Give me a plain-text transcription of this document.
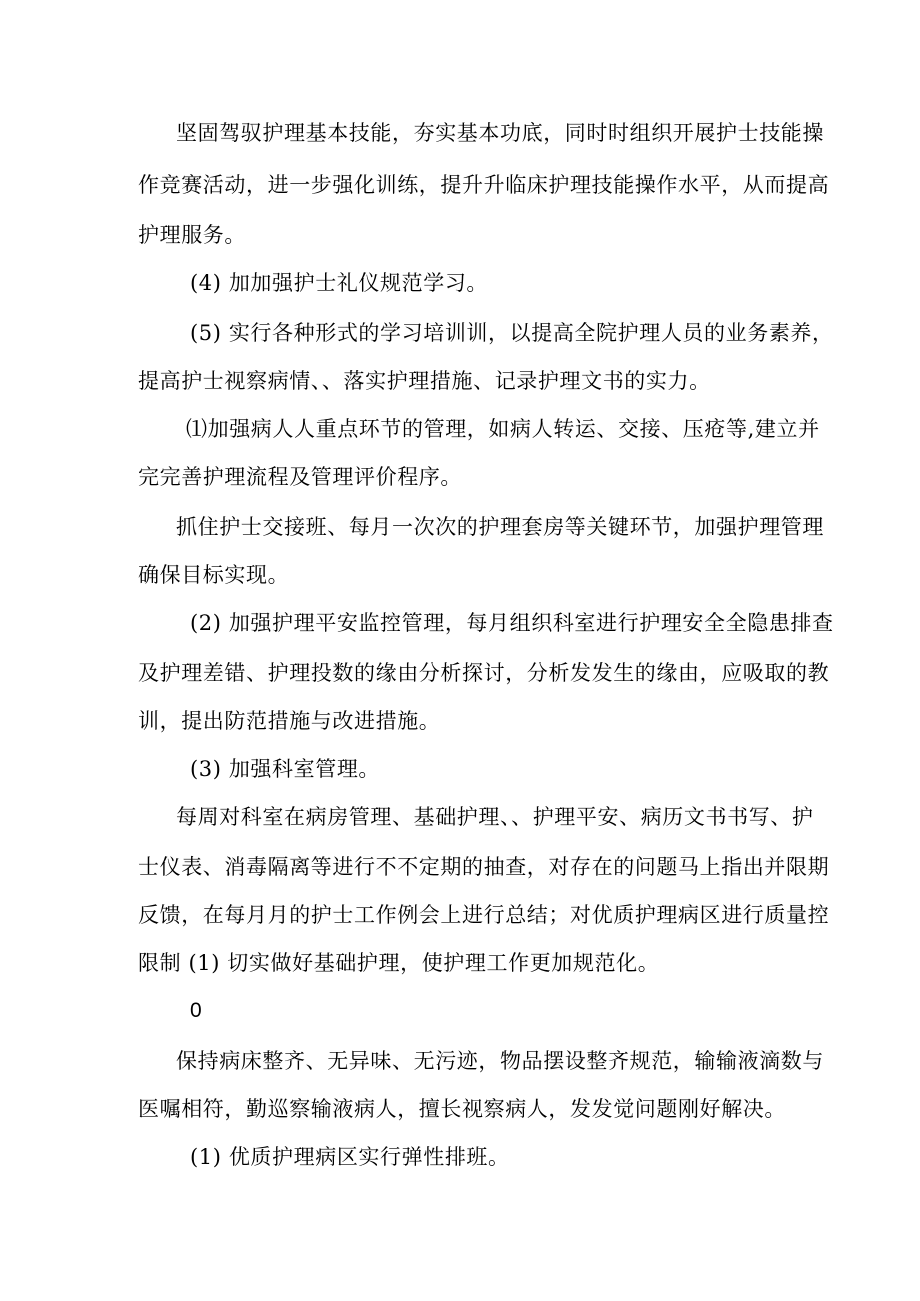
坚固驾驭护理基本技能，夯实基本功底，同时时组织开展护士技能操
作竞赛活动，进一步强化训练，提升升临床护理技能操作水平，从而提高
护理服务。
(4) 加加强护士礼仪规范学习。
(5) 实行各种形式的学习培训训，以提高全院护理人员的业务素养，
提高护士视察病情、、落实护理措施、记录护理文书的实力。
⑴加强病人人重点环节的管理，如病人转运、交接、压疮等,建立并
完完善护理流程及管理评价程序。
抓住护士交接班、每月一次次的护理套房等关键环节，加强护理管理
确保目标实现。
(2) 加强护理平安监控管理，每月组织科室进行护理安全全隐患排查
及护理差错、护理投数的缘由分析探讨，分析发发生的缘由，应吸取的教
训，提出防范措施与改进措施。
(3) 加强科室管理。
每周对科室在病房管理、基础护理、、护理平安、病历文书书写、护
士仪表、消毒隔离等进行不不定期的抽查，对存在的问题马上指出并限期
反馈，在每月月的护士工作例会上进行总结；对优质护理病区进行质量控
限制 (1) 切实做好基础护理，使护理工作更加规范化。
0
保持病床整齐、无异味、无污迹，物品摆设整齐规范，输输液滴数与
医嘱相符，勤巡察输液病人，擅长视察病人，发发觉问题刚好解决。
(1) 优质护理病区实行弹性排班。
